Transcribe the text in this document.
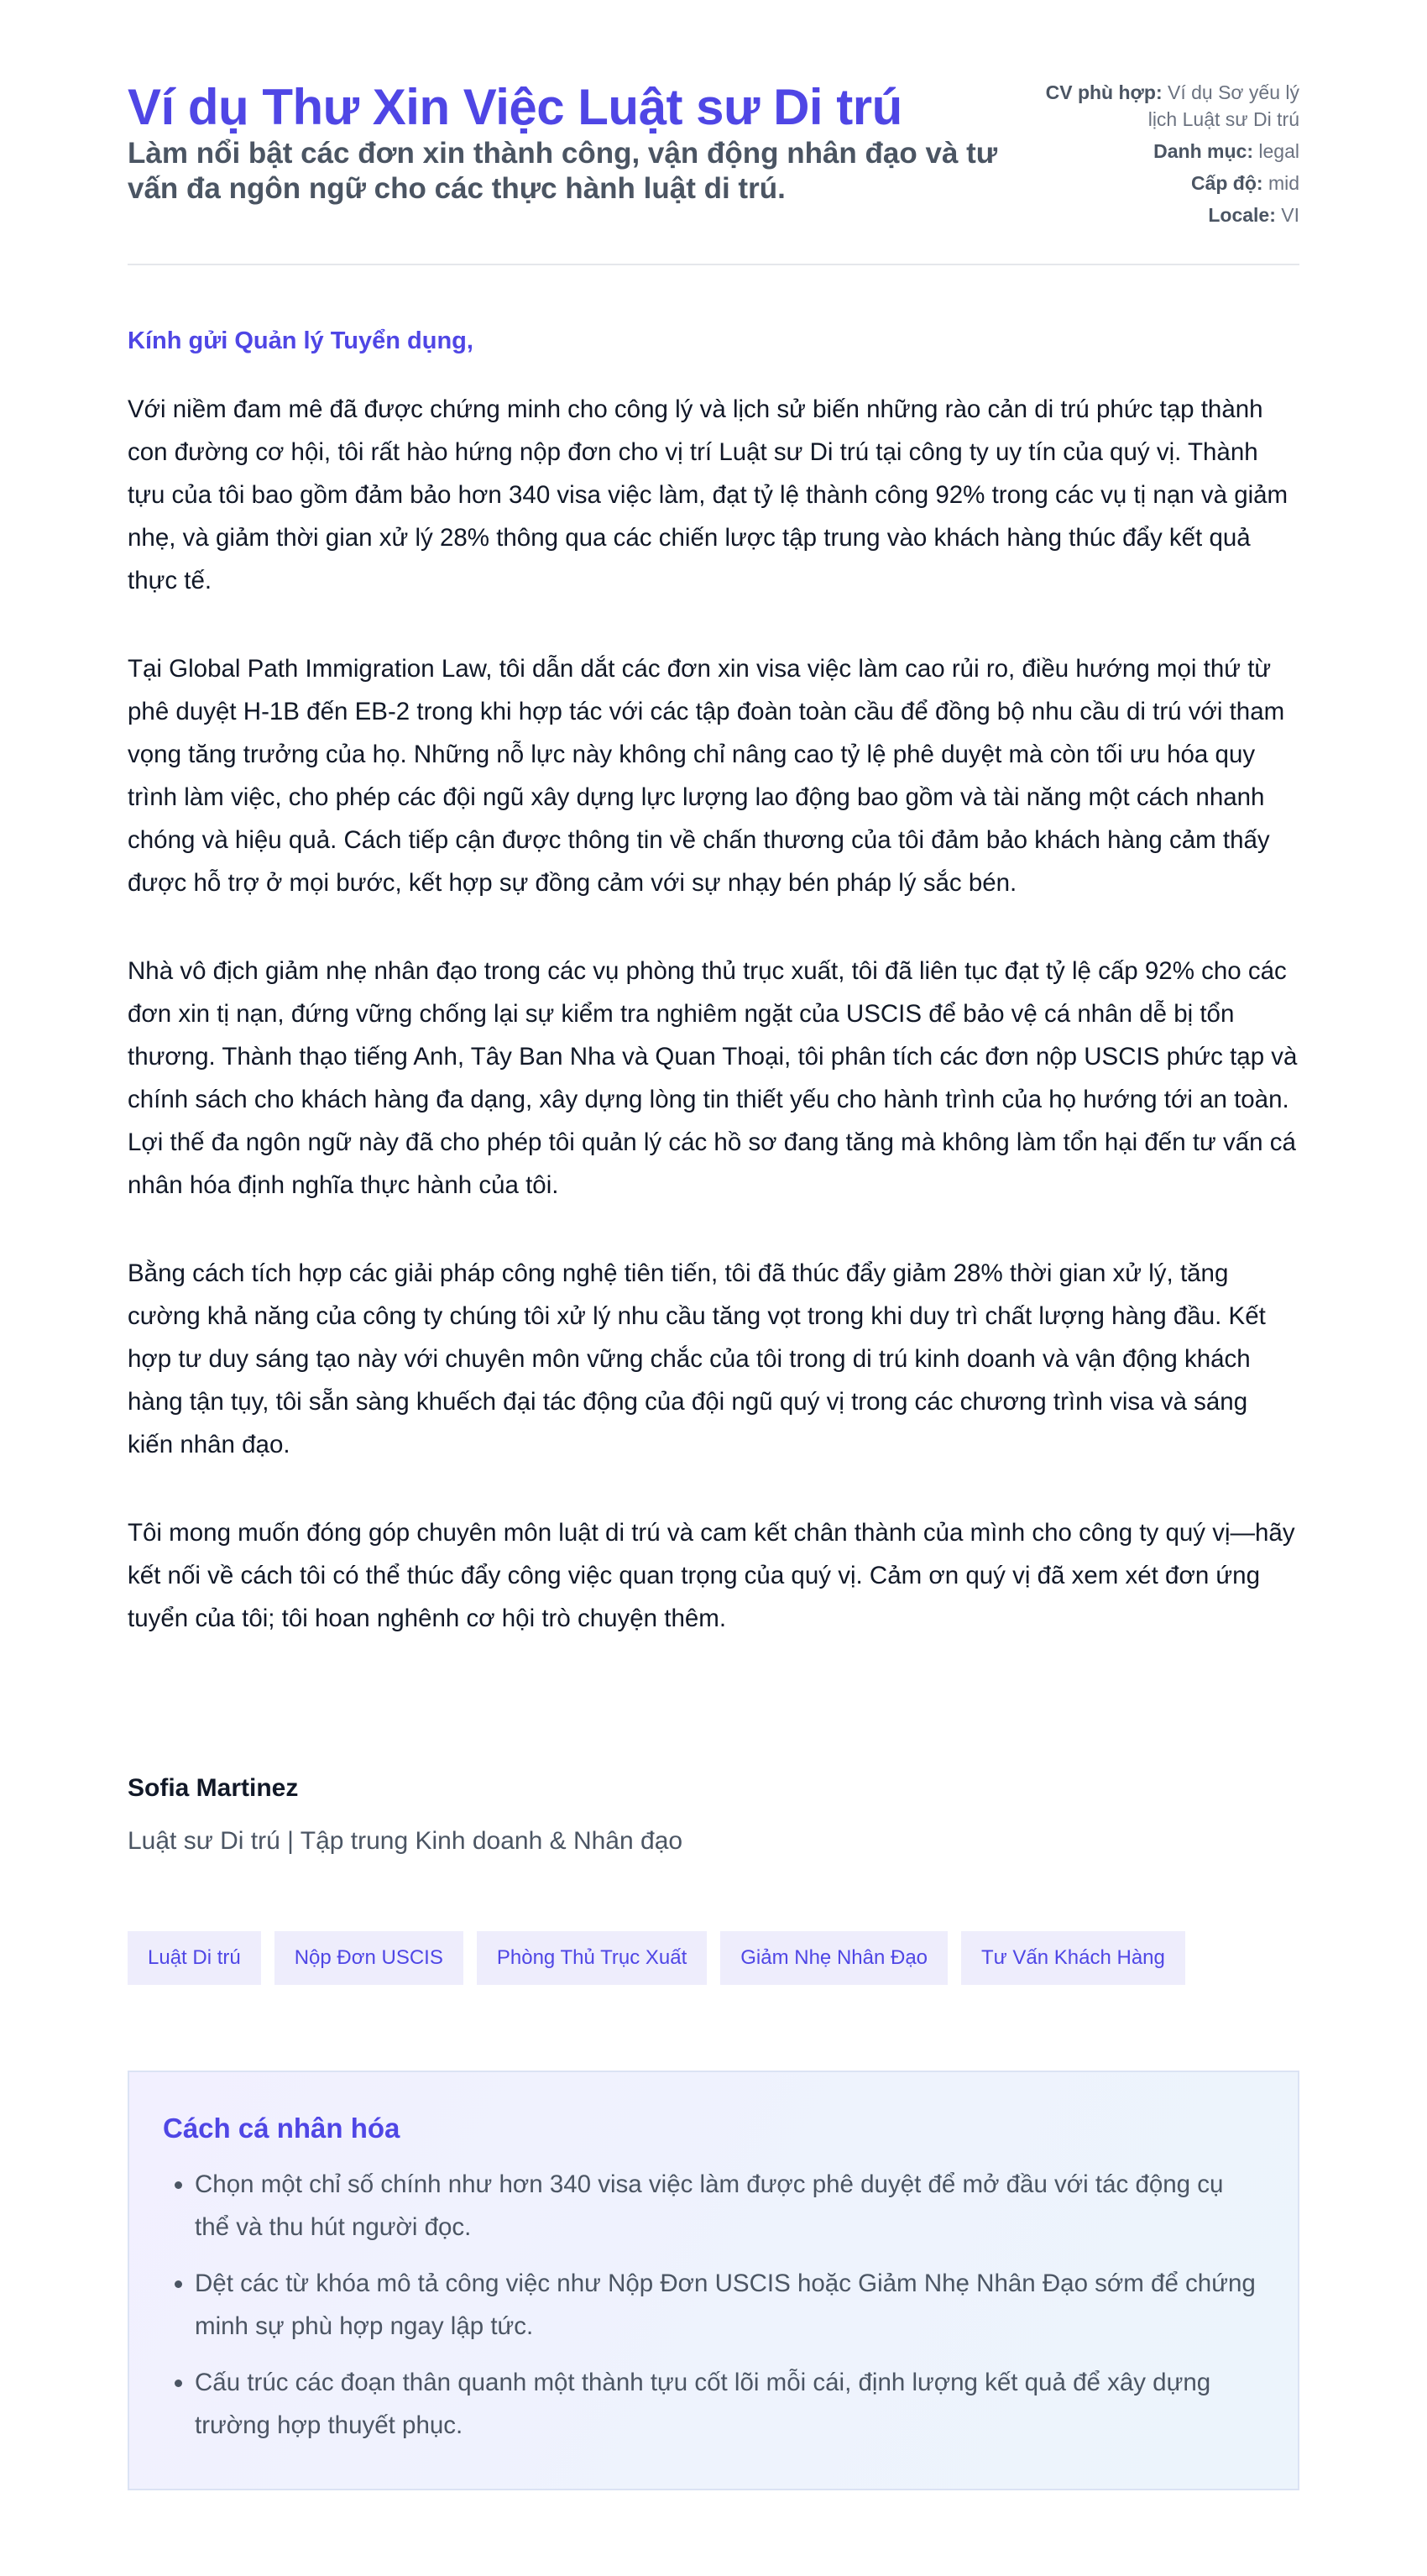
Ví dụ Thư Xin Việc Luật sư Di trú

Làm nổi bật các đơn xin thành công, vận động nhân đạo và tư vấn đa ngôn ngữ cho các thực hành luật di trú.

CV phù hợp: Ví dụ Sơ yếu lý lịch Luật sư Di trú

Danh mục: legal

Cấp độ: mid

Locale: VI

Kính gửi Quản lý Tuyển dụng,

Với niềm đam mê đã được chứng minh cho công lý và lịch sử biến những rào cản di trú phức tạp thành con đường cơ hội, tôi rất hào hứng nộp đơn cho vị trí Luật sư Di trú tại công ty uy tín của quý vị. Thành tựu của tôi bao gồm đảm bảo hơn 340 visa việc làm, đạt tỷ lệ thành công 92% trong các vụ tị nạn và giảm nhẹ, và giảm thời gian xử lý 28% thông qua các chiến lược tập trung vào khách hàng thúc đẩy kết quả thực tế.

Tại Global Path Immigration Law, tôi dẫn dắt các đơn xin visa việc làm cao rủi ro, điều hướng mọi thứ từ phê duyệt H-1B đến EB-2 trong khi hợp tác với các tập đoàn toàn cầu để đồng bộ nhu cầu di trú với tham vọng tăng trưởng của họ. Những nỗ lực này không chỉ nâng cao tỷ lệ phê duyệt mà còn tối ưu hóa quy trình làm việc, cho phép các đội ngũ xây dựng lực lượng lao động bao gồm và tài năng một cách nhanh chóng và hiệu quả. Cách tiếp cận được thông tin về chấn thương của tôi đảm bảo khách hàng cảm thấy được hỗ trợ ở mọi bước, kết hợp sự đồng cảm với sự nhạy bén pháp lý sắc bén.

Nhà vô địch giảm nhẹ nhân đạo trong các vụ phòng thủ trục xuất, tôi đã liên tục đạt tỷ lệ cấp 92% cho các đơn xin tị nạn, đứng vững chống lại sự kiểm tra nghiêm ngặt của USCIS để bảo vệ cá nhân dễ bị tổn thương. Thành thạo tiếng Anh, Tây Ban Nha và Quan Thoại, tôi phân tích các đơn nộp USCIS phức tạp và chính sách cho khách hàng đa dạng, xây dựng lòng tin thiết yếu cho hành trình của họ hướng tới an toàn. Lợi thế đa ngôn ngữ này đã cho phép tôi quản lý các hồ sơ đang tăng mà không làm tổn hại đến tư vấn cá nhân hóa định nghĩa thực hành của tôi.

Bằng cách tích hợp các giải pháp công nghệ tiên tiến, tôi đã thúc đẩy giảm 28% thời gian xử lý, tăng cường khả năng của công ty chúng tôi xử lý nhu cầu tăng vọt trong khi duy trì chất lượng hàng đầu. Kết hợp tư duy sáng tạo này với chuyên môn vững chắc của tôi trong di trú kinh doanh và vận động khách hàng tận tụy, tôi sẵn sàng khuếch đại tác động của đội ngũ quý vị trong các chương trình visa và sáng kiến nhân đạo.

Tôi mong muốn đóng góp chuyên môn luật di trú và cam kết chân thành của mình cho công ty quý vị—hãy kết nối về cách tôi có thể thúc đẩy công việc quan trọng của quý vị. Cảm ơn quý vị đã xem xét đơn ứng tuyển của tôi; tôi hoan nghênh cơ hội trò chuyện thêm.

Sofia Martinez

Luật sư Di trú | Tập trung Kinh doanh & Nhân đạo

Luật Di trú	Nộp Đơn USCIS	Phòng Thủ Trục Xuất	Giảm Nhẹ Nhân Đạo	Tư Vấn Khách Hàng
Cách cá nhân hóa
• Chọn một chỉ số chính như hơn 340 visa việc làm được phê duyệt để mở đầu với tác động cụ thể và thu hút người đọc.
• Dệt các từ khóa mô tả công việc như Nộp Đơn USCIS hoặc Giảm Nhẹ Nhân Đạo sớm để chứng minh sự phù hợp ngay lập tức.
• Cấu trúc các đoạn thân quanh một thành tựu cốt lõi mỗi cái, định lượng kết quả để xây dựng trường hợp thuyết phục.
